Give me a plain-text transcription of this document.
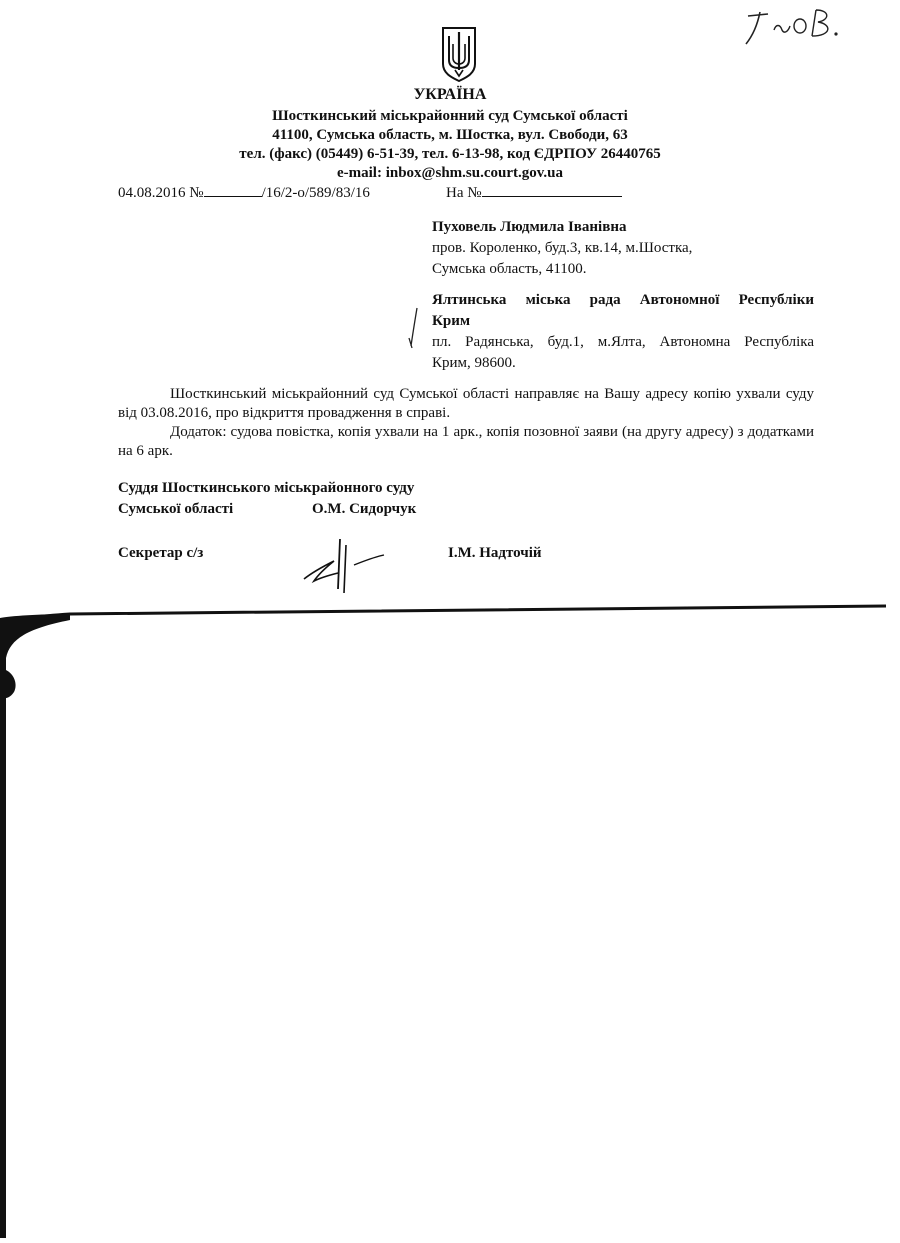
УКРАЇНА
Шосткинський міськрайонний суд Сумської області
41100, Сумська область, м. Шостка, вул. Свободи, 63
тел. (факс) (05449) 6-51-39, тел. 6-13-98, код ЄДРПОУ 26440765
e-mail: inbox@shm.su.court.gov.ua
04.08.2016 №	/16/2-о/589/83/16	На №
Пуховель Людмила Іванівна
пров. Короленко, буд.3, кв.14, м.Шостка,
Сумська область, 41100.
Ялтинська міська рада Автономної Республіки
Крим
пл. Радянська, буд.1, м.Ялта, Автономна Республіка
Крим, 98600.
Шосткинський міськрайонний суд Сумської області направляє на Вашу адресу копію ухвали суду від 03.08.2016, про відкриття провадження в справі.
Додаток: судова повістка, копія ухвали на 1 арк., копія позовної заяви (на другу адресу) з додатками на 6 арк.
Суддя Шосткинського міськрайонного суду
Сумської області	О.М. Сидорчук
Секретар с/з	І.М. Надточій
